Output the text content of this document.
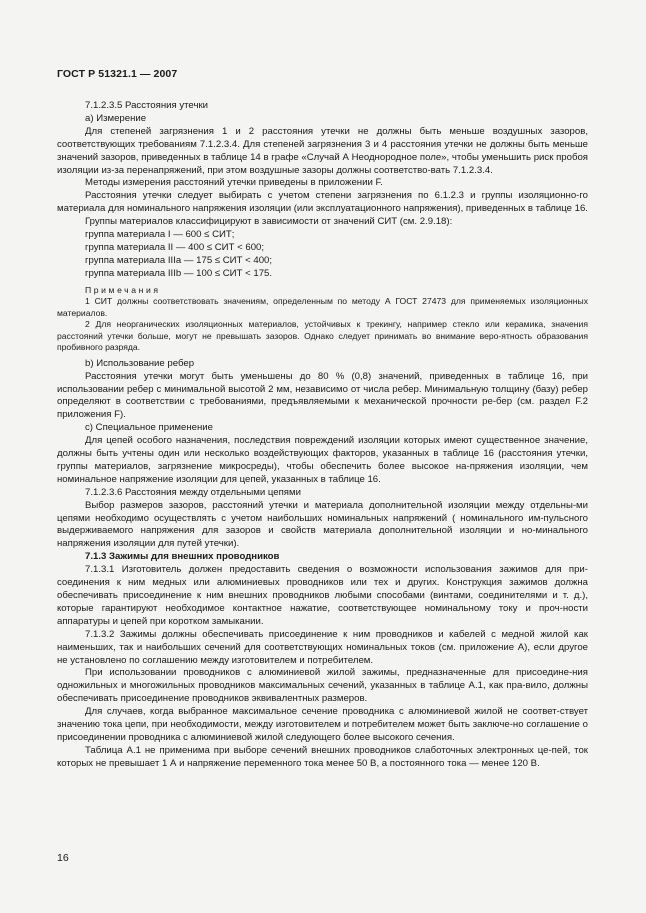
ГОСТ Р 51321.1 — 2007

7.1.2.3.5 Расстояния утечки

а) Измерение

Для степеней загрязнения 1 и 2 расстояния утечки не должны быть меньше воздушных зазоров, соответствующих требованиям 7.1.2.3.4. Для степеней загрязнения 3 и 4 расстояния утечки не должны быть меньше значений зазоров, приведенных в таблице 14 в графе «Случай А Неоднородное поле», чтобы уменьшить риск пробоя изоляции из-за перенапряжений, при этом воздушные зазоры должны соответство-вать 7.1.2.3.4.

Методы измерения расстояний утечки приведены в приложении F.

Расстояния утечки следует выбирать с учетом степени загрязнения по 6.1.2.3 и группы изоляционно-го материала для номинального напряжения изоляции (или эксплуатационного напряжения), приведенных в таблице 16.

Группы материалов классифицируют в зависимости от значений СИТ (см. 2.9.18):

группа материала I — 600 ≤ СИТ;

группа материала II — 400 ≤ СИТ < 600;

группа материала IIIa — 175 ≤ СИТ < 400;

группа материала IIIb — 100 ≤ СИТ < 175.

Примечания

1 СИТ должны соответствовать значениям, определенным по методу А ГОСТ 27473 для применяемых изоляционных материалов.

2 Для неорганических изоляционных материалов, устойчивых к трекингу, например стекло или керамика, значения расстояний утечки больше, могут не превышать зазоров. Однако следует принимать во внимание веро-ятность образования пробивного разряда.

b) Использование ребер

Расстояния утечки могут быть уменьшены до 80 % (0,8) значений, приведенных в таблице 16, при использовании ребер с минимальной высотой 2 мм, независимо от числа ребер. Минимальную толщину (базу) ребер определяют в соответствии с требованиями, предъявляемыми к механической прочности ре-бер (см. раздел F.2 приложения F).

с) Специальное применение

Для цепей особого назначения, последствия повреждений изоляции которых имеют существенное значение, должны быть учтены один или несколько воздействующих факторов, указанных в таблице 16 (расстояния утечки, группы материалов, загрязнение микросреды), чтобы обеспечить более высокое на-пряжения изоляции, чем номинальное напряжение изоляции для цепей, указанных в таблице 16.

7.1.2.3.6 Расстояния между отдельными цепями

Выбор размеров зазоров, расстояний утечки и материала дополнительной изоляции между отдельны-ми цепями необходимо осуществлять с учетом наибольших номинальных напряжений ( номинального им-пульсного выдерживаемого напряжения для зазоров и свойств материала дополнительной изоляции и но-минального напряжения изоляции для путей утечки).

7.1.3 Зажимы для внешних проводников

7.1.3.1 Изготовитель должен предоставить сведения о возможности использования зажимов для при-соединения к ним медных или алюминиевых проводников или тех и других. Конструкция зажимов должна обеспечивать присоединение к ним внешних проводников любыми способами (винтами, соединителями и т. д.), которые гарантируют необходимое контактное нажатие, соответствующее номинальному току и проч-ности аппаратуры и цепей при коротком замыкании.

7.1.3.2 Зажимы должны обеспечивать присоединение к ним проводников и кабелей с медной жилой как наименьших, так и наибольших сечений для соответствующих номинальных токов (см. приложение А), если другое не установлено по соглашению между изготовителем и потребителем.

При использовании проводников с алюминиевой жилой зажимы, предназначенные для присоедине-ния одножильных и многожильных проводников максимальных сечений, указанных в таблице А.1, как пра-вило, должны обеспечивать присоединение проводников эквивалентных размеров.

Для случаев, когда выбранное максимальное сечение проводника с алюминиевой жилой не соответ-ствует значению тока цепи, при необходимости, между изготовителем и потребителем может быть заключе-но соглашение о присоединении проводника с алюминиевой жилой следующего более высокого сечения.

Таблица А.1 не применима при выборе сечений внешних проводников слаботочных электронных це-пей, ток которых не превышает 1 А и напряжение переменного тока менее 50 В, а постоянного тока — менее 120 В.

16
